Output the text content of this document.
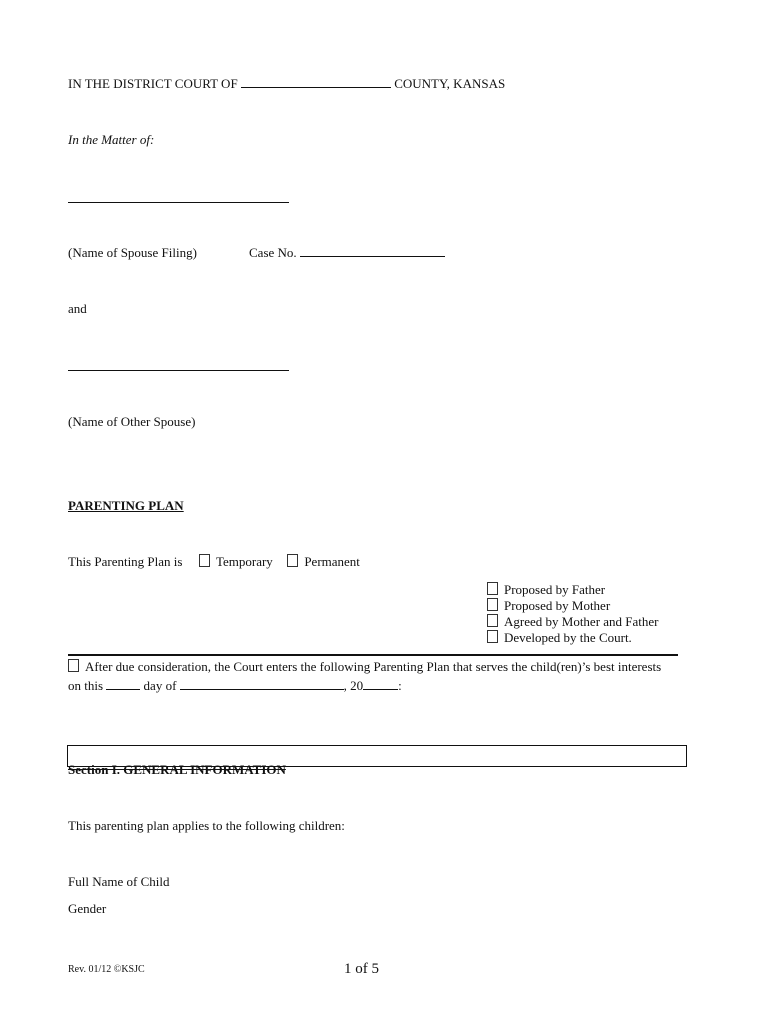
IN THE DISTRICT COURT OF	COUNTY, KANSAS
In the Matter of:
(Name of Spouse Filing)	Case No.
and
(Name of Other Spouse)
PARENTING PLAN
This Parenting Plan is	Temporary Permanent
Proposed by Father    Proposed by Mother    Agreed by Mother and Father    Developed by the Court.
After due consideration, the Court enters the following Parenting Plan that serves the child(ren)’s best interests
on this	day of	, 20	:
Section I. GENERAL INFORMATION
This parenting plan applies to the following children:
Full Name of Child
Gender
Rev. 01/12 ©KSJC	1 of 5
